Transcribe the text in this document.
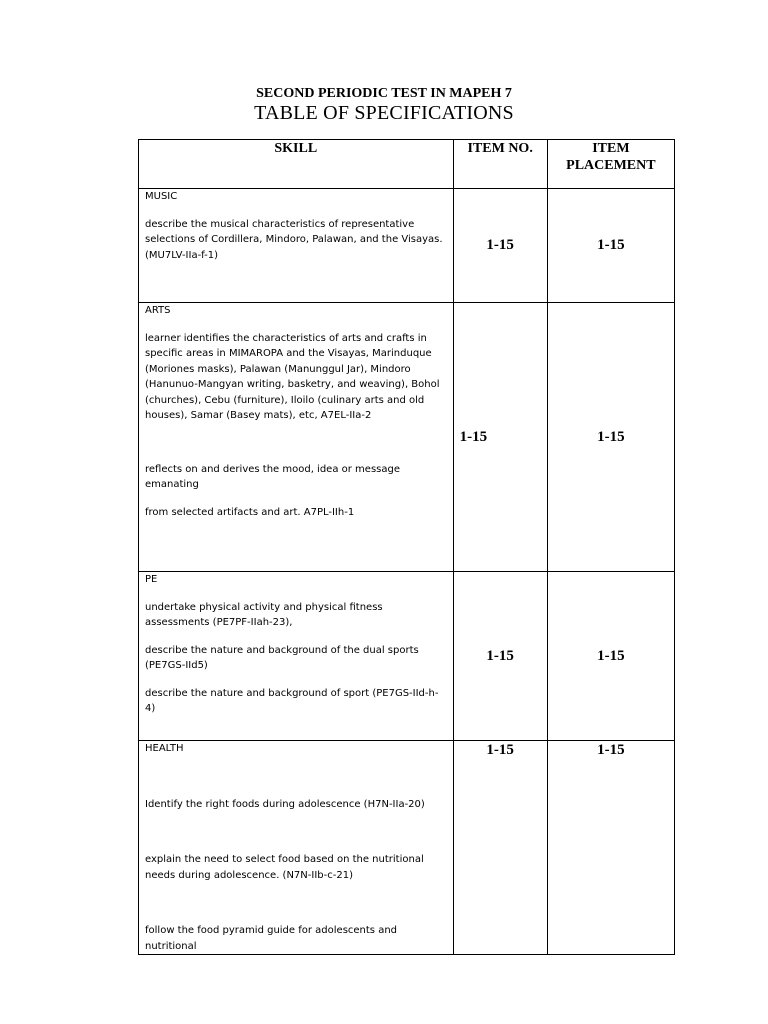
SECOND PERIODIC TEST IN MAPEH 7
TABLE OF SPECIFICATIONS
SKILL	ITEM NO.	ITEM
PLACEMENT

MUSIC

describe the musical characteristics of representative selections of Cordillera, Mindoro, Palawan, and the Visayas. (MU7LV-IIa-f-1)	1-15	1-15

ARTS

learner identifies the characteristics of arts and crafts in specific areas in MIMAROPA and the Visayas, Marinduque (Moriones masks), Palawan (Manunggul Jar), Mindoro (Hanunuo-Mangyan writing, basketry, and weaving), Bohol (churches), Cebu (furniture), Iloilo (culinary arts and old houses), Samar (Basey mats), etc, A7EL-IIa-2

reflects on and derives the mood, idea or message emanating

from selected artifacts and art. A7PL-IIh-1	1-15	1-15

PE

undertake physical activity and physical fitness assessments (PE7PF-IIah-23),

describe the nature and background of the dual sports (PE7GS-IId5)

describe the nature and background of sport (PE7GS-IId-h-4)	1-15	1-15

HEALTH

Identify the right foods during adolescence (H7N-IIa-20)

explain the need to select food based on the nutritional needs during adolescence. (N7N-IIb-c-21)

follow the food pyramid guide for adolescents and nutritional	1-15	1-15
